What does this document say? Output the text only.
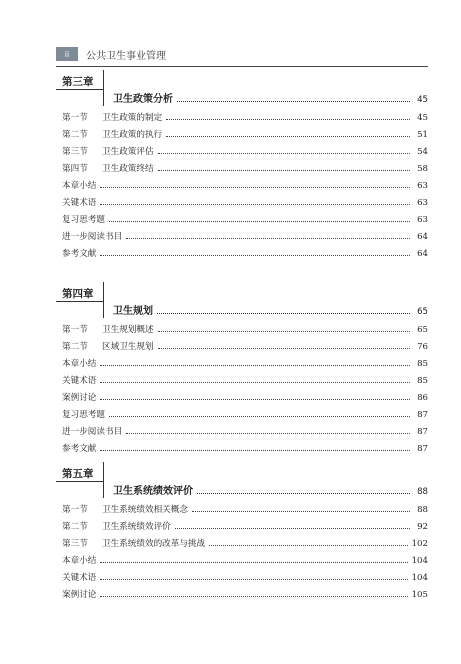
ii	公共卫生事业管理
第三章
卫生政策分析	45
第一节	卫生政策的制定	45
第二节	卫生政策的执行	51
第三节	卫生政策评估	54
第四节	卫生政策终结	58
本章小结	63
关键术语	63
复习思考题	63
进一步阅读书目	64
参考文献	64
第四章
卫生规划	65
第一节	卫生规划概述	65
第二节	区域卫生规划	76
本章小结	85
关键术语	85
案例讨论	86
复习思考题	87
进一步阅读书目	87
参考文献	87
第五章
卫生系统绩效评价	88
第一节	卫生系统绩效相关概念	88
第二节	卫生系统绩效评价	92
第三节	卫生系统绩效的改革与挑战	102
本章小结	104
关键术语	104
案例讨论	105
